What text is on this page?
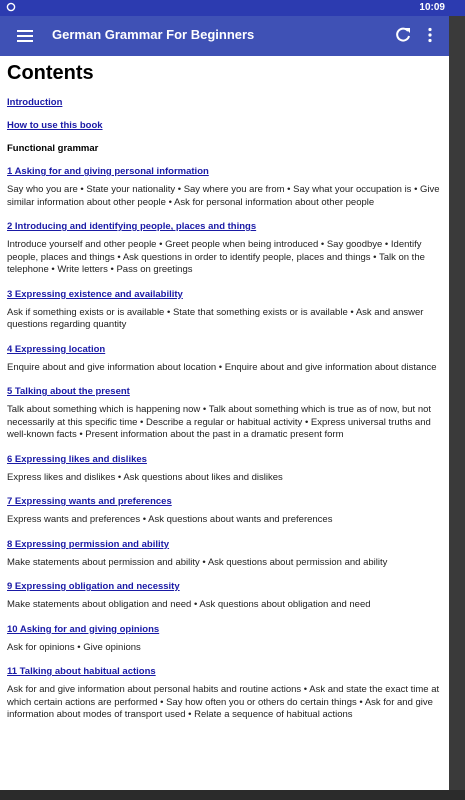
German Grammar For Beginners
Contents
Introduction
How to use this book
Functional grammar
1 Asking for and giving personal information
Say who you are • State your nationality • Say where you are from • Say what your occupation is • Give similar information about other people • Ask for personal information about other people
2 Introducing and identifying people, places and things
Introduce yourself and other people • Greet people when being introduced • Say goodbye • Identify people, places and things • Ask questions in order to identify people, places and things • Talk on the telephone • Write letters • Pass on greetings
3 Expressing existence and availability
Ask if something exists or is available • State that something exists or is available • Ask and answer questions regarding quantity
4 Expressing location
Enquire about and give information about location • Enquire about and give information about distance
5 Talking about the present
Talk about something which is happening now • Talk about something which is true as of now, but not necessarily at this specific time • Describe a regular or habitual activity • Express universal truths and well-known facts • Present information about the past in a dramatic present form
6 Expressing likes and dislikes
Express likes and dislikes • Ask questions about likes and dislikes
7 Expressing wants and preferences
Express wants and preferences • Ask questions about wants and preferences
8 Expressing permission and ability
Make statements about permission and ability • Ask questions about permission and ability
9 Expressing obligation and necessity
Make statements about obligation and need • Ask questions about obligation and need
10 Asking for and giving opinions
Ask for opinions • Give opinions
11 Talking about habitual actions
Ask for and give information about personal habits and routine actions • Ask and state the exact time at which certain actions are performed • Say how often you or others do certain things • Ask for and give information about modes of transport used • Relate a sequence of habitual actions
10:09
